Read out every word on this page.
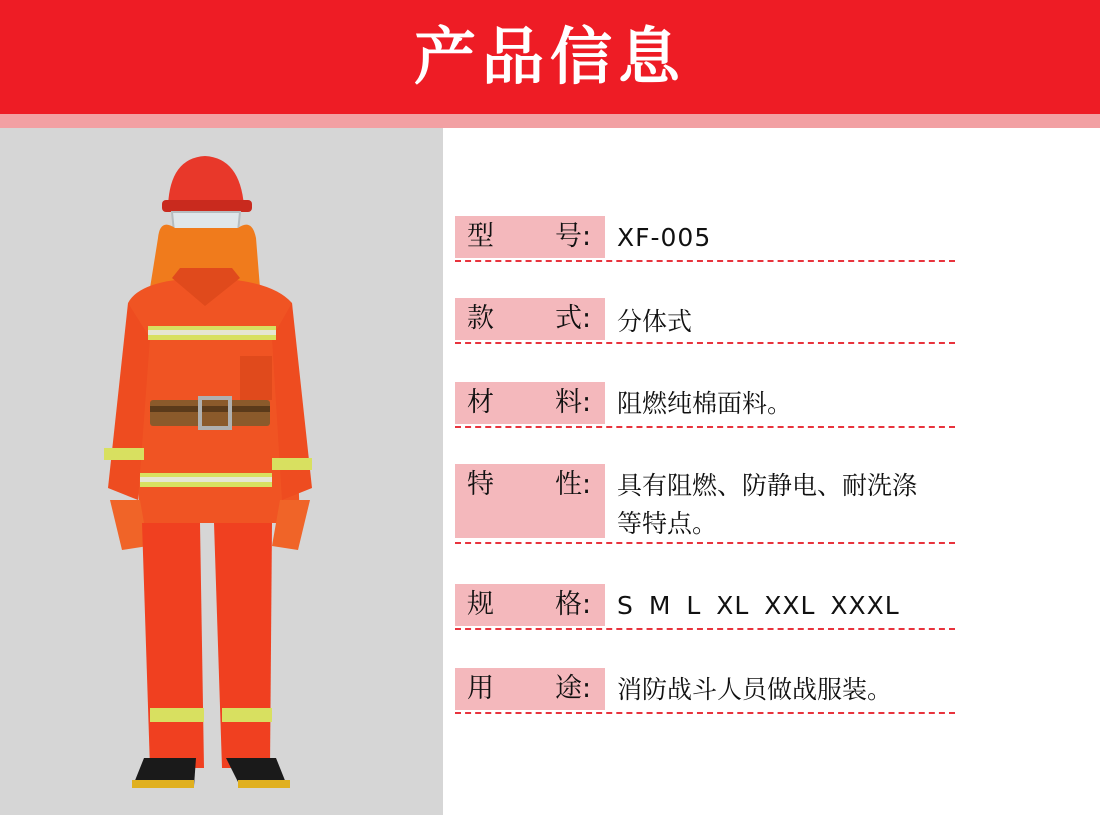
产品信息
型 号: XF-005
款 式: 分体式
材 料: 阻燃纯棉面料。
特 性: 具有阻燃、防静电、耐洗涤
等特点。
规 格: S M L XL XXL XXXL
用 途: 消防战斗人员做战服装。
